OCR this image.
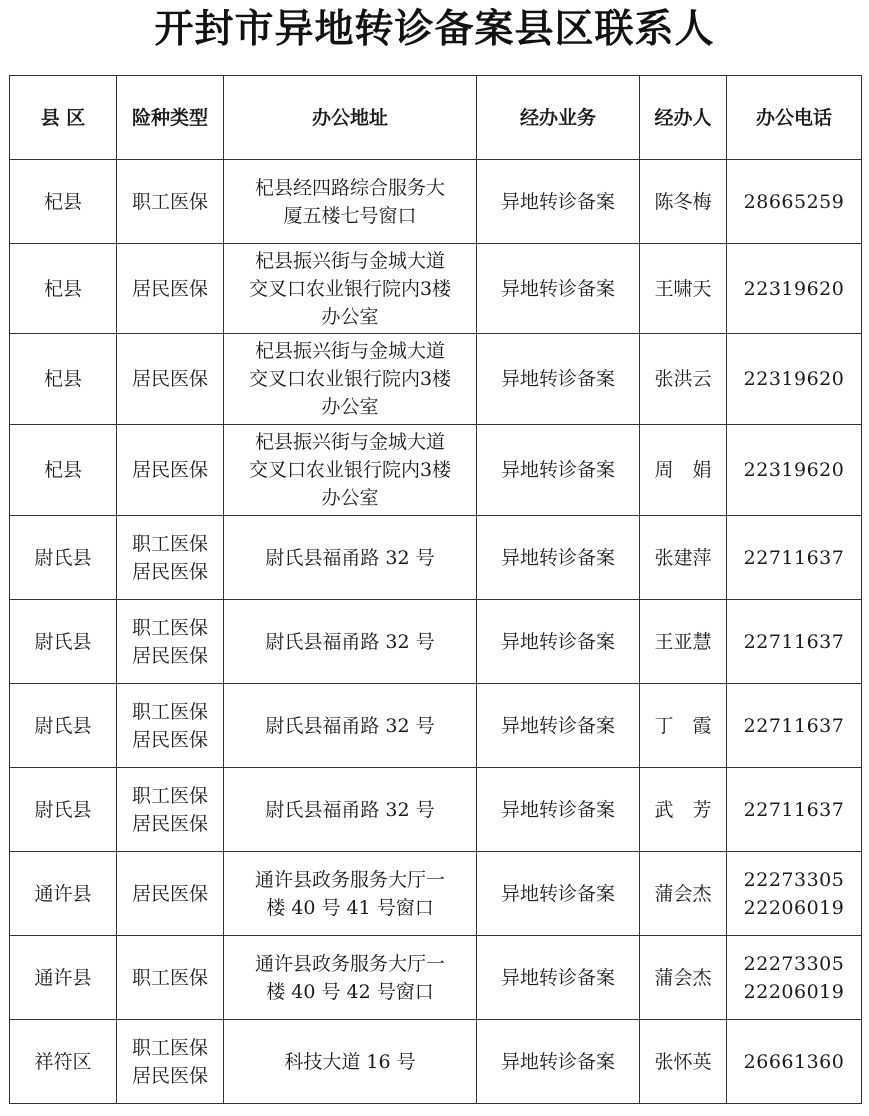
开封市异地转诊备案县区联系人
县 区	险种类型	办公地址	经办业务	经办人	办公电话
杞县	职工医保	杞县经四路综合服务大
厦五楼七号窗口	异地转诊备案	陈冬梅	28665259

杞县	居民医保	杞县振兴街与金城大道
交叉口农业银行院内3楼
办公室	异地转诊备案	王啸天	22319620

杞县	居民医保	杞县振兴街与金城大道
交叉口农业银行院内3楼
办公室	异地转诊备案	张洪云	22319620

杞县	居民医保	杞县振兴街与金城大道
交叉口农业银行院内3楼
办公室	异地转诊备案	周　娟	22319620

尉氏县	职工医保
居民医保	尉氏县福甬路 32 号	异地转诊备案	张建萍	22711637

尉氏县	职工医保
居民医保	尉氏县福甬路 32 号	异地转诊备案	王亚慧	22711637

尉氏县	职工医保
居民医保	尉氏县福甬路 32 号	异地转诊备案	丁　霞	22711637

尉氏县	职工医保
居民医保	尉氏县福甬路 32 号	异地转诊备案	武　芳	22711637

通许县	居民医保	通许县政务服务大厅一
楼 40 号 41 号窗口	异地转诊备案	蒲会杰	22273305
22206019

通许县	职工医保	通许县政务服务大厅一
楼 40 号 42 号窗口	异地转诊备案	蒲会杰	22273305
22206019

祥符区	职工医保
居民医保	科技大道 16 号	异地转诊备案	张怀英	26661360
